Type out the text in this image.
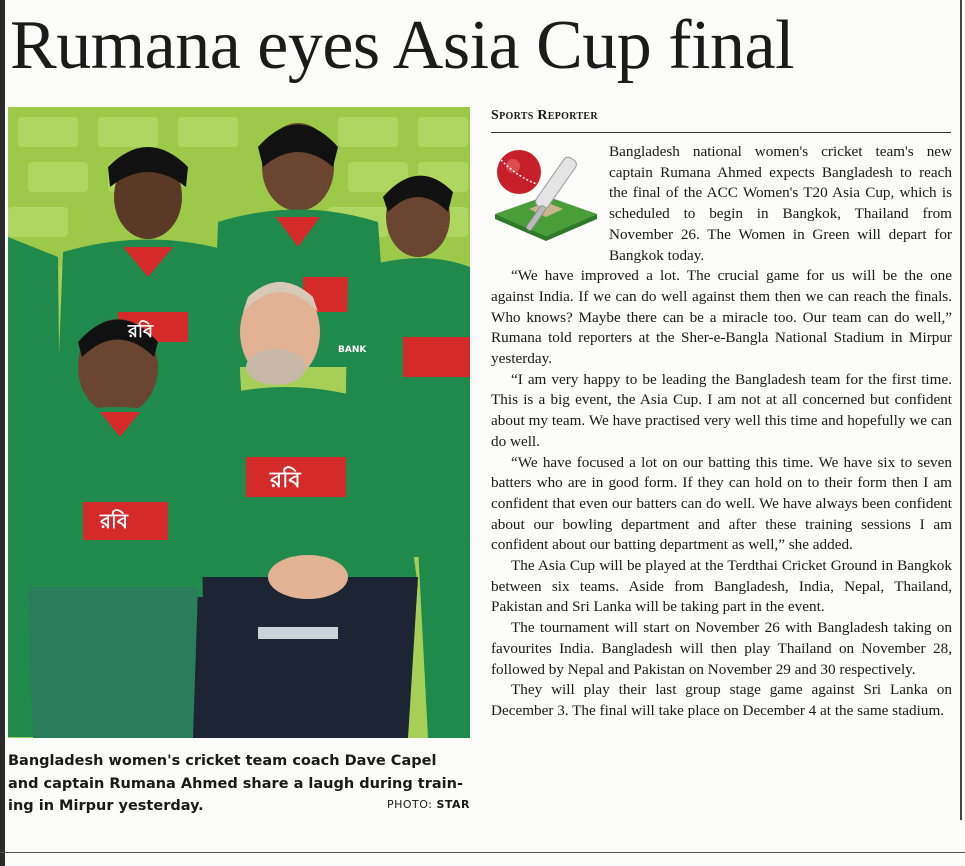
Rumana eyes Asia Cup final
রবি
রবি
রবি
BANK
Bangladesh women's cricket team coach Dave Capel
and captain Rumana Ahmed share a laugh during train-
ing in Mirpur yesterday.	PHOTO: STAR
Sports Reporter

Bangladesh national women's cricket team's new captain Rumana Ahmed expects Bangladesh to reach the final of the ACC Women's T20 Asia Cup, which is scheduled to begin in Bangkok, Thailand from November 26. The Women in Green will depart for Bangkok today.

“We have improved a lot. The crucial game for us will be the one against India. If we can do well against them then we can reach the finals. Who knows? Maybe there can be a miracle too. Our team can do well,” Rumana told reporters at the Sher-e-Bangla National Stadium in Mirpur yesterday.

“I am very happy to be leading the Bangladesh team for the first time. This is a big event, the Asia Cup. I am not at all concerned but confident about my team. We have practised very well this time and hopefully we can do well.

“We have focused a lot on our batting this time. We have six to seven batters who are in good form. If they can hold on to their form then I am confident that even our batters can do well. We have always been confident about our bowling department and after these training sessions I am confident about our batting department as well,” she added.

The Asia Cup will be played at the Terdthai Cricket Ground in Bangkok between six teams. Aside from Bangladesh, India, Nepal, Thailand, Pakistan and Sri Lanka will be taking part in the event.

The tournament will start on November 26 with Bangladesh taking on favourites India. Bangladesh will then play Thailand on November 28, followed by Nepal and Pakistan on November 29 and 30 respectively.

They will play their last group stage game against Sri Lanka on December 3. The final will take place on December 4 at the same stadium.
